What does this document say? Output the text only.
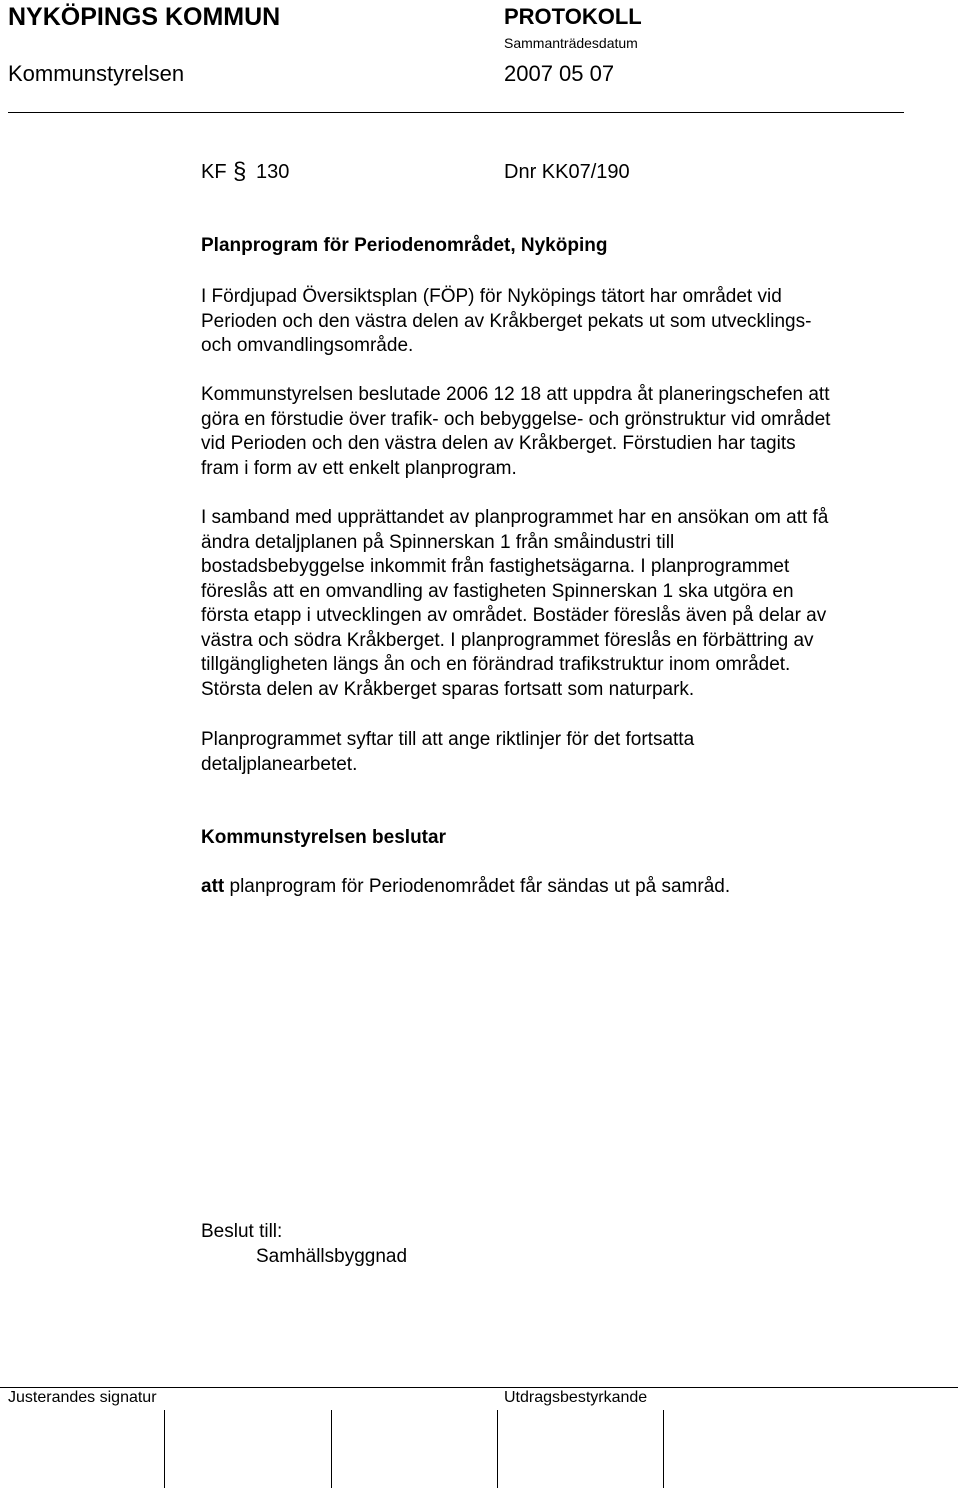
NYKÖPINGS KOMMUN	PROTOKOLL
Sammanträdesdatum
Kommunstyrelsen	2007 05 07
KF § 130	Dnr KK07/190
Planprogram för Periodenområdet, Nyköping

I Fördjupad Översiktsplan (FÖP) för Nyköpings tätort har området vid

Perioden och den västra delen av Kråkberget pekats ut som utvecklings-

och omvandlingsområde.

Kommunstyrelsen beslutade 2006 12 18 att uppdra åt planeringschefen att

göra en förstudie över trafik- och bebyggelse- och grönstruktur vid området

vid Perioden och den västra delen av Kråkberget. Förstudien har tagits

fram i form av ett enkelt planprogram.

I samband med upprättandet av planprogrammet har en ansökan om att få

ändra detaljplanen på Spinnerskan 1 från småindustri till

bostadsbebyggelse inkommit från fastighetsägarna. I planprogrammet

föreslås att en omvandling av fastigheten Spinnerskan 1 ska utgöra en

första etapp i utvecklingen av området. Bostäder föreslås även på delar av

västra och södra Kråkberget. I planprogrammet föreslås en förbättring av

tillgängligheten längs ån och en förändrad trafikstruktur inom området.

Största delen av Kråkberget sparas fortsatt som naturpark.

Planprogrammet syftar till att ange riktlinjer för det fortsatta

detaljplanearbetet.

Kommunstyrelsen beslutar
att planprogram för Periodenområdet får sändas ut på samråd.
Beslut till:
Samhällsbyggnad
Justerandes signatur	Utdragsbestyrkande
